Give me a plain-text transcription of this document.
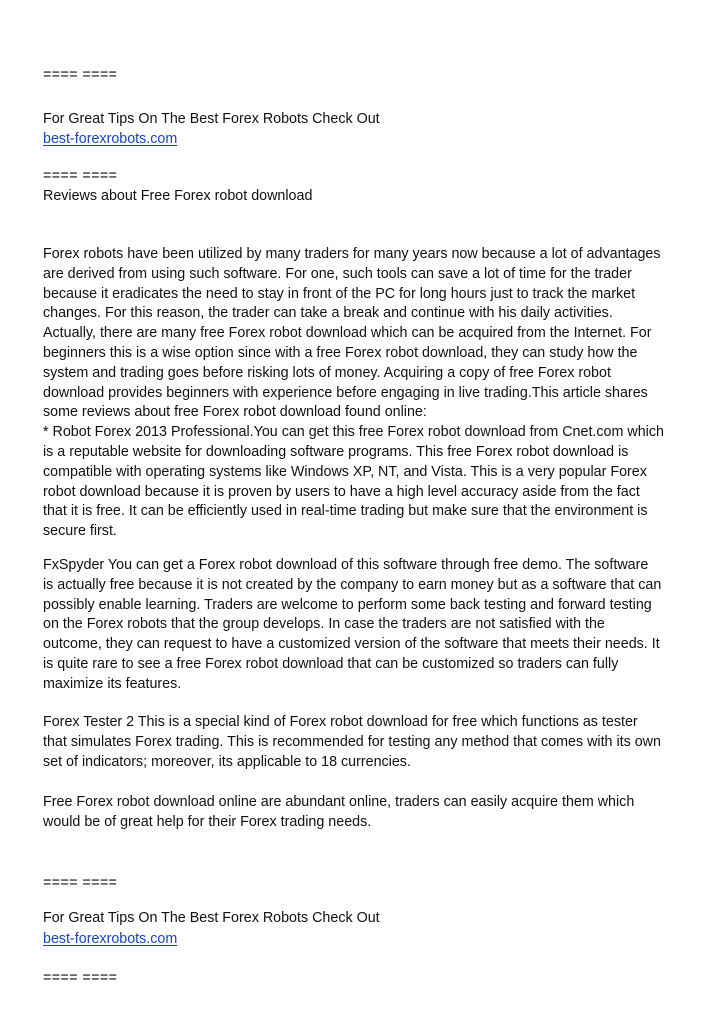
==== ====
For Great Tips On The Best Forex Robots Check Out
best-forexrobots.com
==== ====
Reviews about Free Forex robot download

Forex robots have been utilized by many traders for many years now because a lot of advantages

are derived from using such software. For one, such tools can save a lot of time for the trader

because it eradicates the need to stay in front of the PC for long hours just to track the market

changes. For this reason, the trader can take a break and continue with his daily activities.

Actually, there are many free Forex robot download which can be acquired from the Internet. For

beginners this is a wise option since with a free Forex robot download, they can study how the

system and trading goes before risking lots of money. Acquiring a copy of free Forex robot

download provides beginners with experience before engaging in live trading.This article shares

some reviews about free Forex robot download found online:

* Robot Forex 2013 Professional.You can get this free Forex robot download from Cnet.com which

is a reputable website for downloading software programs. This free Forex robot download is

compatible with operating systems like Windows XP, NT, and Vista. This is a very popular Forex

robot download because it is proven by users to have a high level accuracy aside from the fact

that it is free. It can be efficiently used in real-time trading but make sure that the environment is

secure first.

FxSpyder You can get a Forex robot download of this software through free demo. The software

is actually free because it is not created by the company to earn money but as a software that can

possibly enable learning. Traders are welcome to perform some back testing and forward testing

on the Forex robots that the group develops. In case the traders are not satisfied with the

outcome, they can request to have a customized version of the software that meets their needs. It

is quite rare to see a free Forex robot download that can be customized so traders can fully

maximize its features.

Forex Tester 2 This is a special kind of Forex robot download for free which functions as tester

that simulates Forex trading. This is recommended for testing any method that comes with its own

set of indicators; moreover, its applicable to 18 currencies.

Free Forex robot download online are abundant online, traders can easily acquire them which

would be of great help for their Forex trading needs.

==== ====
For Great Tips On The Best Forex Robots Check Out
best-forexrobots.com
==== ====
